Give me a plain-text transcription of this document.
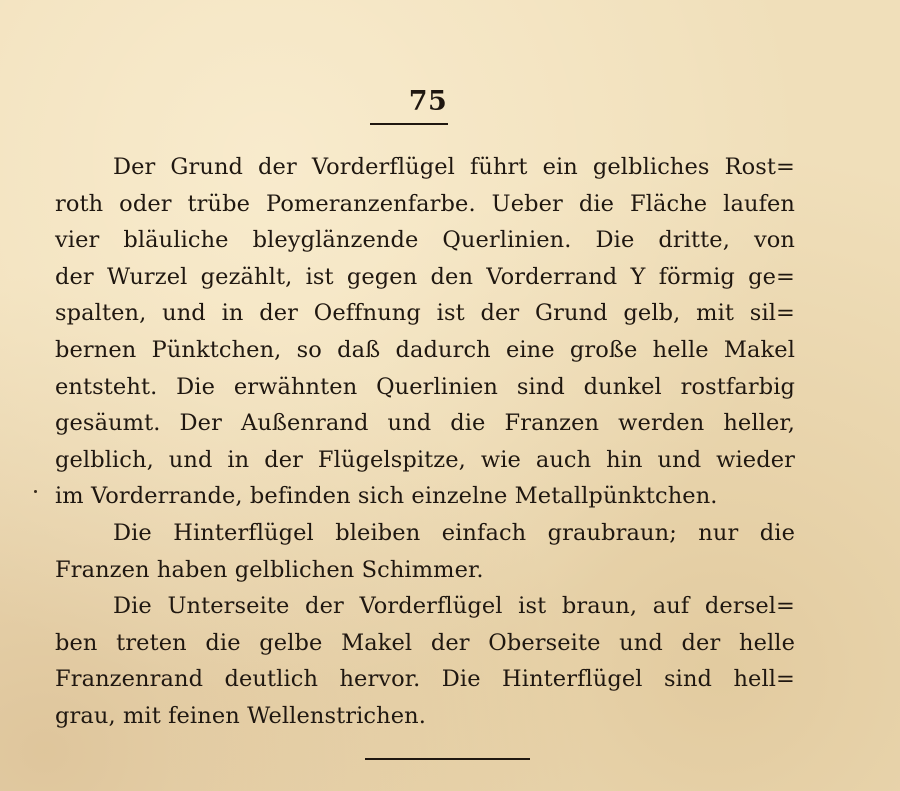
75
Der Grund der Vorderflügel führt ein gelbliches Rost=
roth oder trübe Pomeranzenfarbe. Ueber die Fläche laufen
vier bläuliche bleyglänzende Querlinien. Die dritte, von
der Wurzel gezählt, ist gegen den Vorderrand Y förmig ge=
spalten, und in der Oeffnung ist der Grund gelb, mit sil=
bernen Pünktchen, so daß dadurch eine große helle Makel
entsteht. Die erwähnten Querlinien sind dunkel rostfarbig
gesäumt. Der Außenrand und die Franzen werden heller,
gelblich, und in der Flügelspitze, wie auch hin und wieder
im Vorderrande, befinden sich einzelne Metallpünktchen.
Die Hinterflügel bleiben einfach graubraun; nur die
Franzen haben gelblichen Schimmer.
Die Unterseite der Vorderflügel ist braun, auf dersel=
ben treten die gelbe Makel der Oberseite und der helle
Franzenrand deutlich hervor. Die Hinterflügel sind hell=
grau, mit feinen Wellenstrichen.
